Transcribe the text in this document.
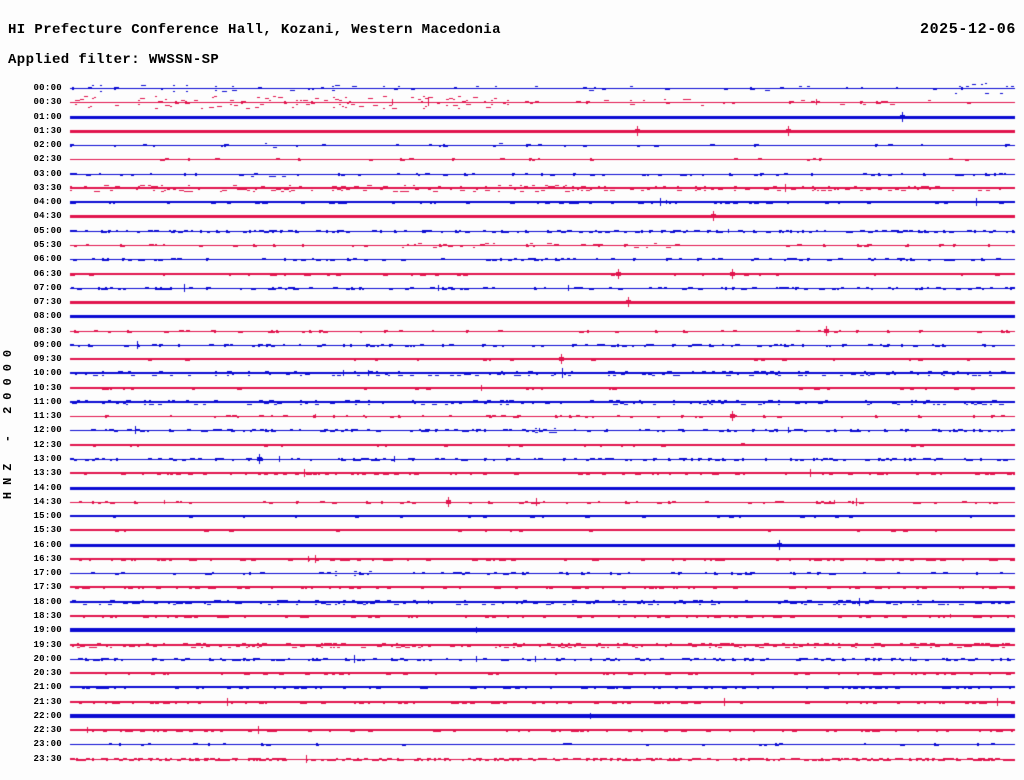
00:00
00:30
01:00
01:30
02:00
02:30
03:00
03:30
04:00
04:30
05:00
05:30
06:00
06:30
07:00
07:30
08:00
08:30
09:00
09:30
10:00
10:30
11:00
11:30
12:00
12:30
13:00
13:30
14:00
14:30
15:00
15:30
16:00
16:30
17:00
17:30
18:00
18:30
19:00
19:30
20:00
20:30
21:00
21:30
22:00
22:30
23:00
23:30
